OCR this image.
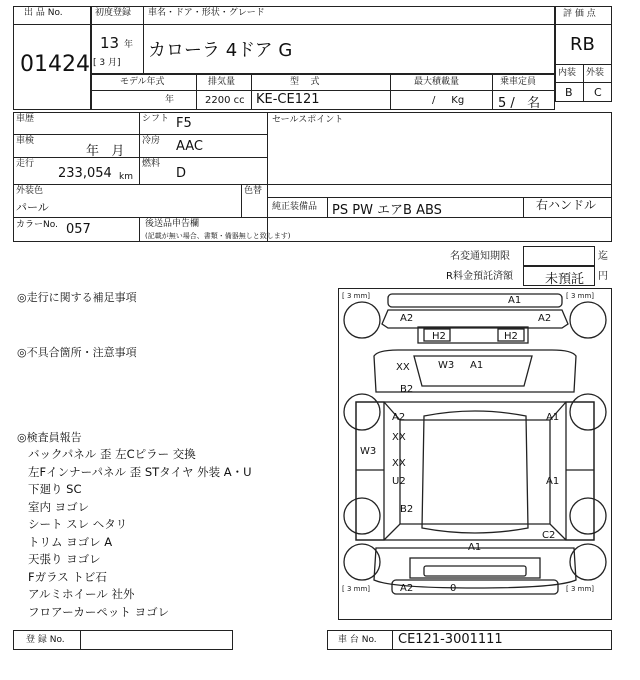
出 品 No.
01424
初度登録 車名・ドア・形状・グレード
13 年
[ 3 月]
カローラ 4ドア G
評 価 点
RB
内装 外装
B C
モデル年式	排気量	型    式	最大積載量	乗車定員
年	2200 cc KE-CE121	/     Kg	5 /   名
車歴
車検
年   月
走行
233,054 km
シフト F5
冷房 AAC
燃料
D
セールスポイント
外装色
パール
色替
純正装備品 PS PW エアB ABS	右ハンドル
カラーNo. 057	後送品申告欄
(記載が無い場合、書類・備器無しと致します)
名変通知期限	迄
R料金預託済額 未預託 円
◎走行に関する補足事項
◎不具合箇所・注意事項
◎検査員報告
バックパネル 歪 左Cピラー 交換
左Fインナーパネル 歪 STタイヤ 外装 A・U
下廻り SC
室内 ヨゴレ
シート スレ ヘタリ
トリム ヨゴレ A
天張り ヨゴレ
Fガラス トビ石
アルミホイール 社外
フロアーカーペット ヨゴレ
[ 3 mm]	[ 3 mm]
[ 3 mm]	[ 3 mm]
A1
A2	A2
H2	H2
XX	W3 A1
B2
A2
XX
W3
XX
U2
A1
A1
B2
C2
A1
A2	0
登 録 No.	車 台 No. CE121-3001111
